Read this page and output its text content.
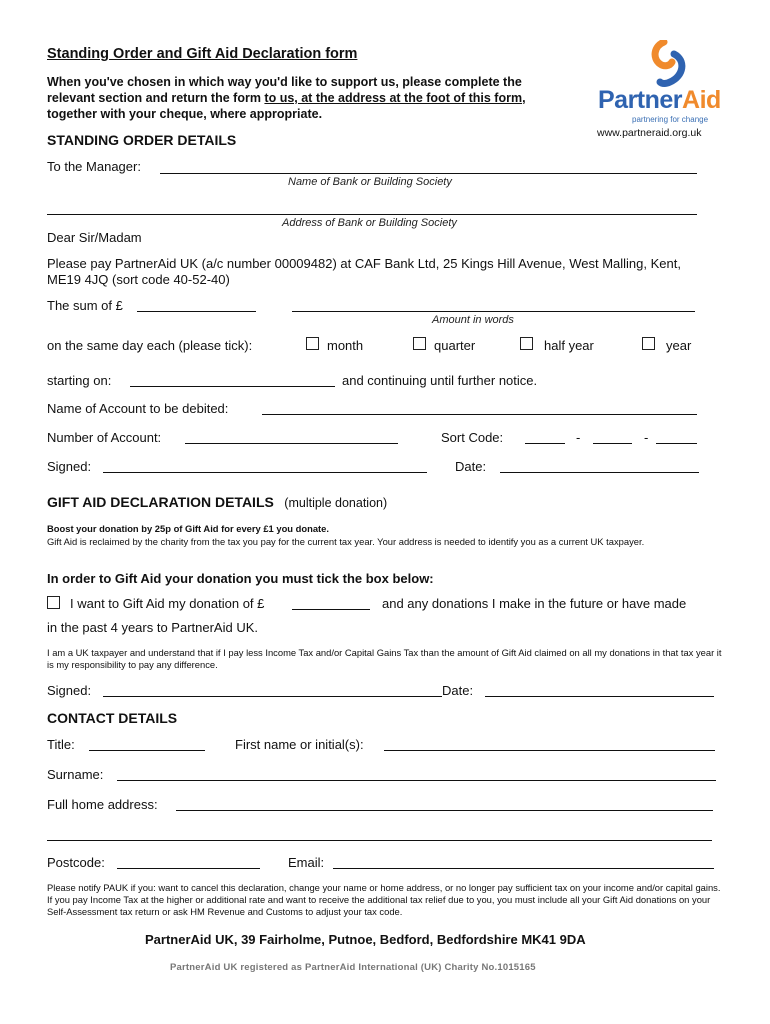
Standing Order and Gift Aid Declaration form
When you've chosen in which way you'd like to support us, please complete the relevant section and return the form to us, at the address at the foot of this form, together with your cheque, where appropriate.	PartnerAid
partnering for change
www.partneraid.org.uk
STANDING ORDER DETAILS
To the Manager:
Name of Bank or Building Society
Address of Bank or Building Society
Dear Sir/Madam
Please pay PartnerAid UK (a/c number 00009482) at CAF Bank Ltd, 25 Kings Hill Avenue, West Malling, Kent, ME19 4JQ (sort code 40-52-40)
The sum of £
Amount in words
on the same day each (please tick):	month	quarter	half year	year
starting on:	and continuing until further notice.
Name of Account to be debited:
Number of Account:	Sort Code:	-	-
Signed:	Date:
GIFT AID DECLARATION DETAILS (multiple donation)
Boost your donation by 25p of Gift Aid for every £1 you donate.
Gift Aid is reclaimed by the charity from the tax you pay for the current tax year. Your address is needed to identify you as a current UK taxpayer.
In order to Gift Aid your donation you must tick the box below:
I want to Gift Aid my donation of £	and any donations I make in the future or have made
in the past 4 years to PartnerAid UK.
I am a UK taxpayer and understand that if I pay less Income Tax and/or Capital Gains Tax than the amount of Gift Aid claimed on all my donations in that tax year it is my responsibility to pay any difference.
Signed:	Date:
CONTACT DETAILS
Title:	First name or initial(s):
Surname:
Full home address:
Postcode:	Email:
Please notify PAUK if you: want to cancel this declaration, change your name or home address, or no longer pay sufficient tax on your income and/or capital gains. If you pay Income Tax at the higher or additional rate and want to receive the additional tax relief due to you, you must include all your Gift Aid donations on your Self-Assessment tax return or ask HM Revenue and Customs to adjust your tax code.
PartnerAid UK, 39 Fairholme, Putnoe, Bedford, Bedfordshire MK41 9DA
PartnerAid UK registered as PartnerAid International (UK) Charity No.1015165
